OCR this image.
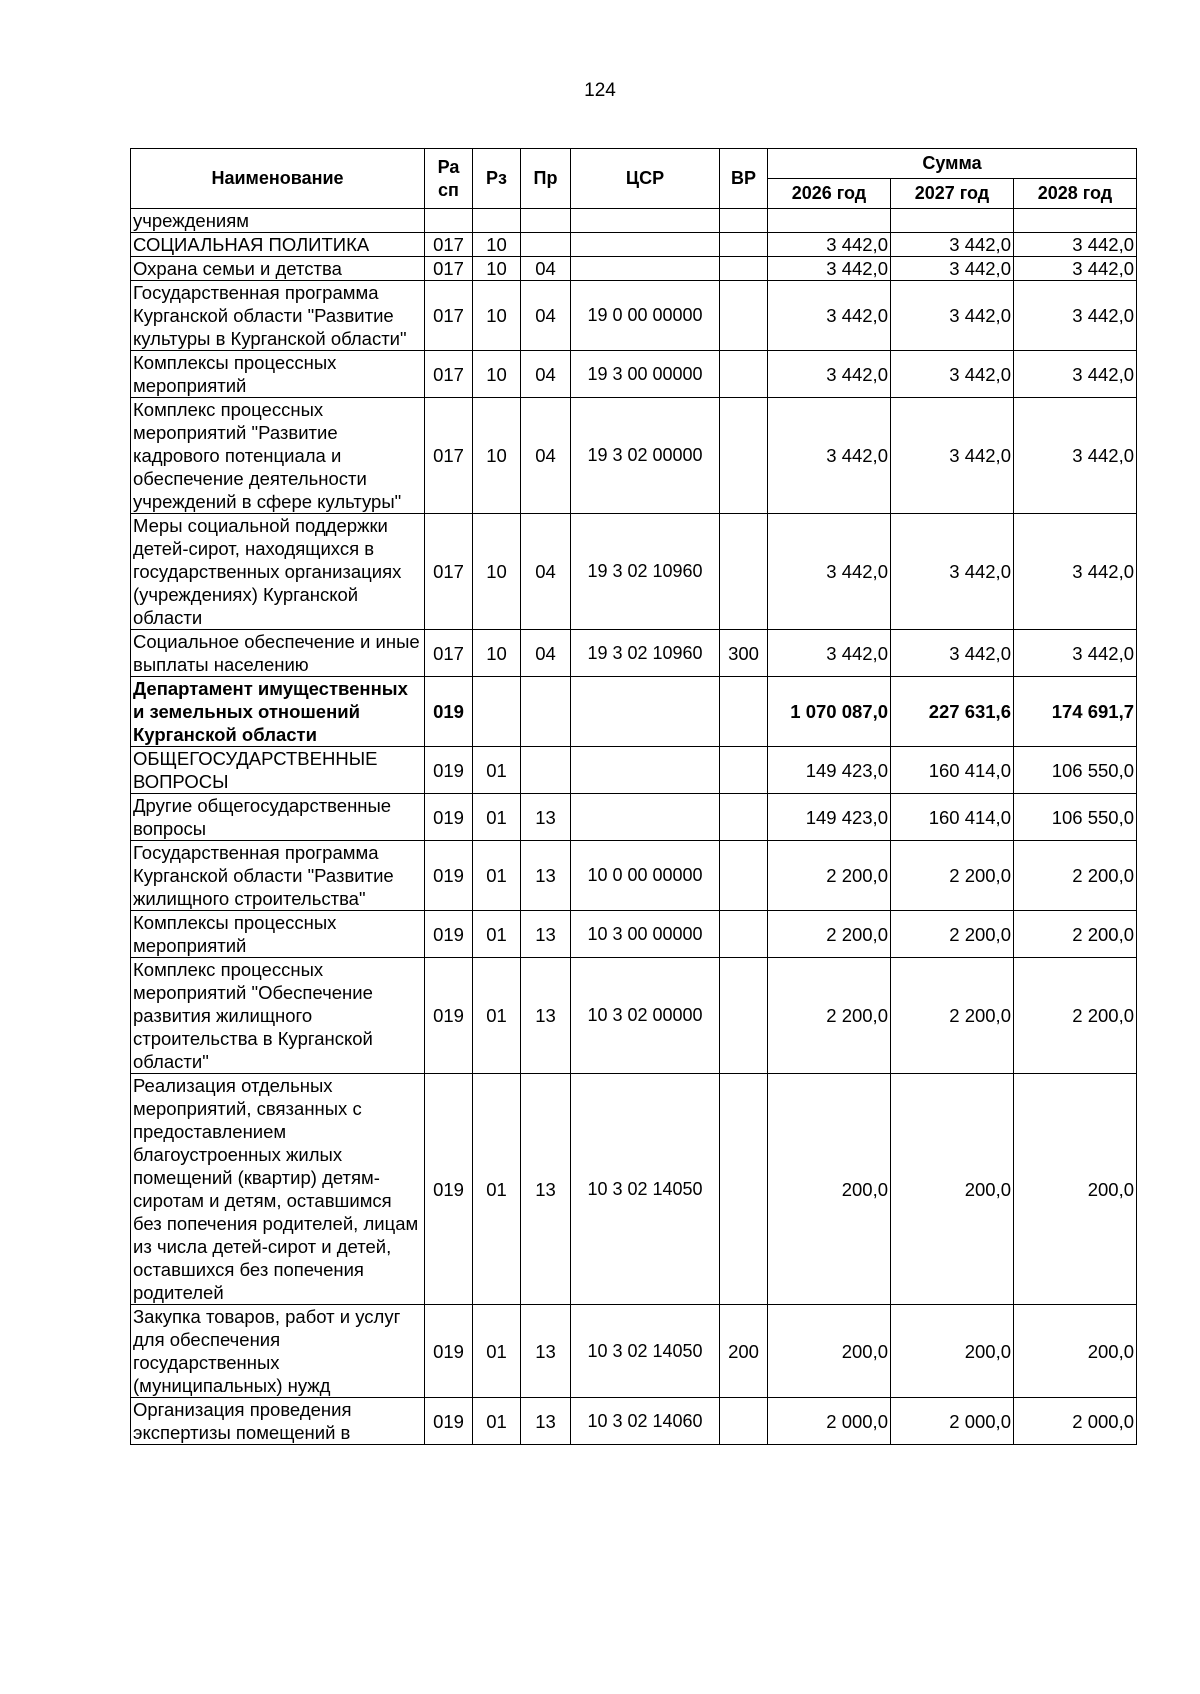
124
Наименование	Ра сп	Рз	Пр	ЦСР	ВР	Сумма		
						2026 год	2027 год	2028 год
учреждениям								
СОЦИАЛЬНАЯ ПОЛИТИКА	017	10				3 442,0	3 442,0	3 442,0
Охрана семьи и детства	017	10	04			3 442,0	3 442,0	3 442,0
Государственная программа Курганской области "Развитие культуры в Курганской области"	017	10	04	19 0 00 00000		3 442,0	3 442,0	3 442,0
Комплексы процессных мероприятий	017	10	04	19 3 00 00000		3 442,0	3 442,0	3 442,0
Комплекс процессных мероприятий "Развитие кадрового потенциала и обеспечение деятельности учреждений в сфере культуры"	017	10	04	19 3 02 00000		3 442,0	3 442,0	3 442,0
Меры социальной поддержки детей-сирот, находящихся в государственных организациях (учреждениях) Курганской области	017	10	04	19 3 02 10960		3 442,0	3 442,0	3 442,0
Социальное обеспечение и иные выплаты населению	017	10	04	19 3 02 10960	300	3 442,0	3 442,0	3 442,0
Департамент имущественных и земельных отношений Курганской области	019					1 070 087,0	227 631,6	174 691,7
ОБЩЕГОСУДАРСТВЕННЫЕ ВОПРОСЫ	019	01				149 423,0	160 414,0	106 550,0
Другие общегосударственные вопросы	019	01	13			149 423,0	160 414,0	106 550,0
Государственная программа Курганской области "Развитие жилищного строительства"	019	01	13	10 0 00 00000		2 200,0	2 200,0	2 200,0
Комплексы процессных мероприятий	019	01	13	10 3 00 00000		2 200,0	2 200,0	2 200,0
Комплекс процессных мероприятий "Обеспечение развития жилищного строительства в Курганской области"	019	01	13	10 3 02 00000		2 200,0	2 200,0	2 200,0
Реализация отдельных мероприятий, связанных с предоставлением благоустроенных жилых помещений (квартир) детям-сиротам и детям, оставшимся без попечения родителей, лицам из числа детей-сирот и детей, оставшихся без попечения родителей	019	01	13	10 3 02 14050		200,0	200,0	200,0
Закупка товаров, работ и услуг для обеспечения государственных (муниципальных) нужд	019	01	13	10 3 02 14050	200	200,0	200,0	200,0
Организация проведения экспертизы помещений в	019	01	13	10 3 02 14060		2 000,0	2 000,0	2 000,0
